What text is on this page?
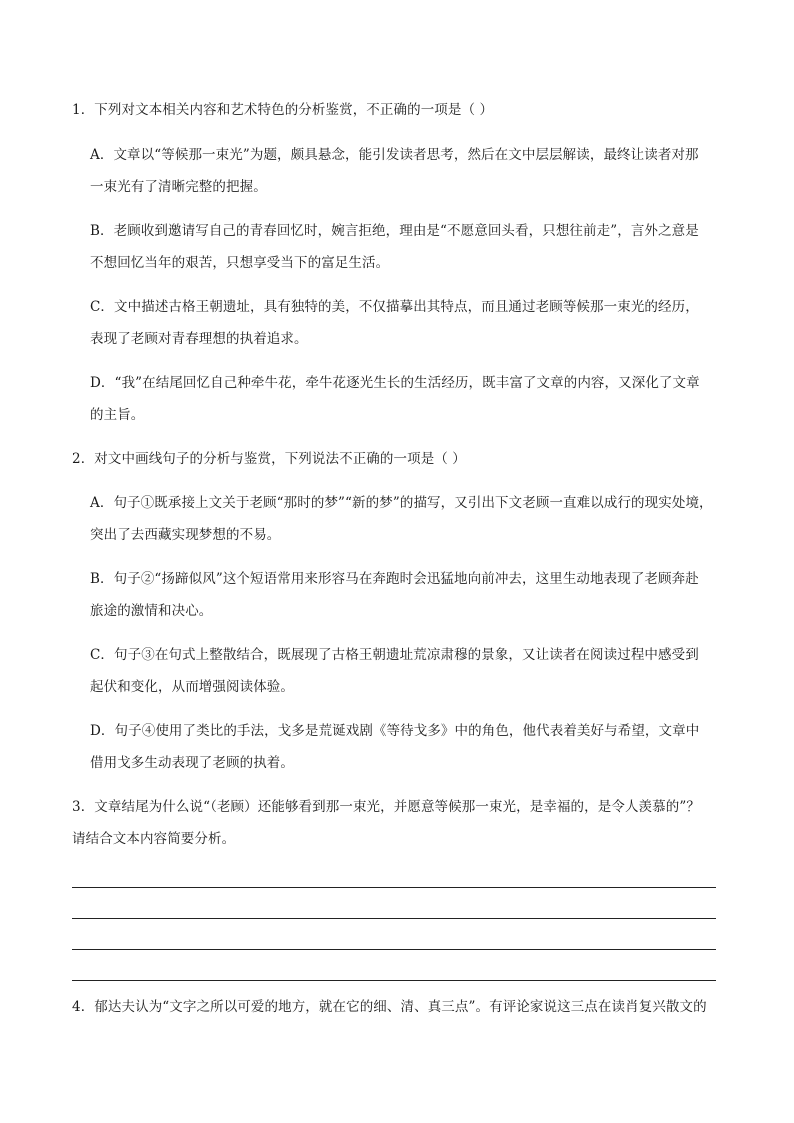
1．下列对文本相关内容和艺术特色的分析鉴赏，不正确的一项是（ ）
A．文章以“等候那一束光”为题，颇具悬念，能引发读者思考，然后在文中层层解读，最终让读者对那
一束光有了清晰完整的把握。
B．老顾收到邀请写自己的青春回忆时，婉言拒绝，理由是“不愿意回头看，只想往前走”，言外之意是
不想回忆当年的艰苦，只想享受当下的富足生活。
C．文中描述古格王朝遗址，具有独特的美，不仅描摹出其特点，而且通过老顾等候那一束光的经历，
表现了老顾对青春理想的执着追求。
D．“我”在结尾回忆自己种牵牛花，牵牛花逐光生长的生活经历，既丰富了文章的内容，又深化了文章
的主旨。
2．对文中画线句子的分析与鉴赏，下列说法不正确的一项是（ ）
A．句子①既承接上文关于老顾“那时的梦”“新的梦”的描写，又引出下文老顾一直难以成行的现实处境，
突出了去西藏实现梦想的不易。
B．句子②“扬蹄似风”这个短语常用来形容马在奔跑时会迅猛地向前冲去，这里生动地表现了老顾奔赴
旅途的激情和决心。
C．句子③在句式上整散结合，既展现了古格王朝遗址荒凉肃穆的景象，又让读者在阅读过程中感受到
起伏和变化，从而增强阅读体验。
D．句子④使用了类比的手法，戈多是荒诞戏剧《等待戈多》中的角色，他代表着美好与希望，文章中
借用戈多生动表现了老顾的执着。
3．文章结尾为什么说“（老顾）还能够看到那一束光，并愿意等候那一束光，是幸福的，是令人羡慕的”？
请结合文本内容简要分析。
4．郁达夫认为“文字之所以可爱的地方，就在它的细、清、真三点”。有评论家说这三点在读肖复兴散文的
